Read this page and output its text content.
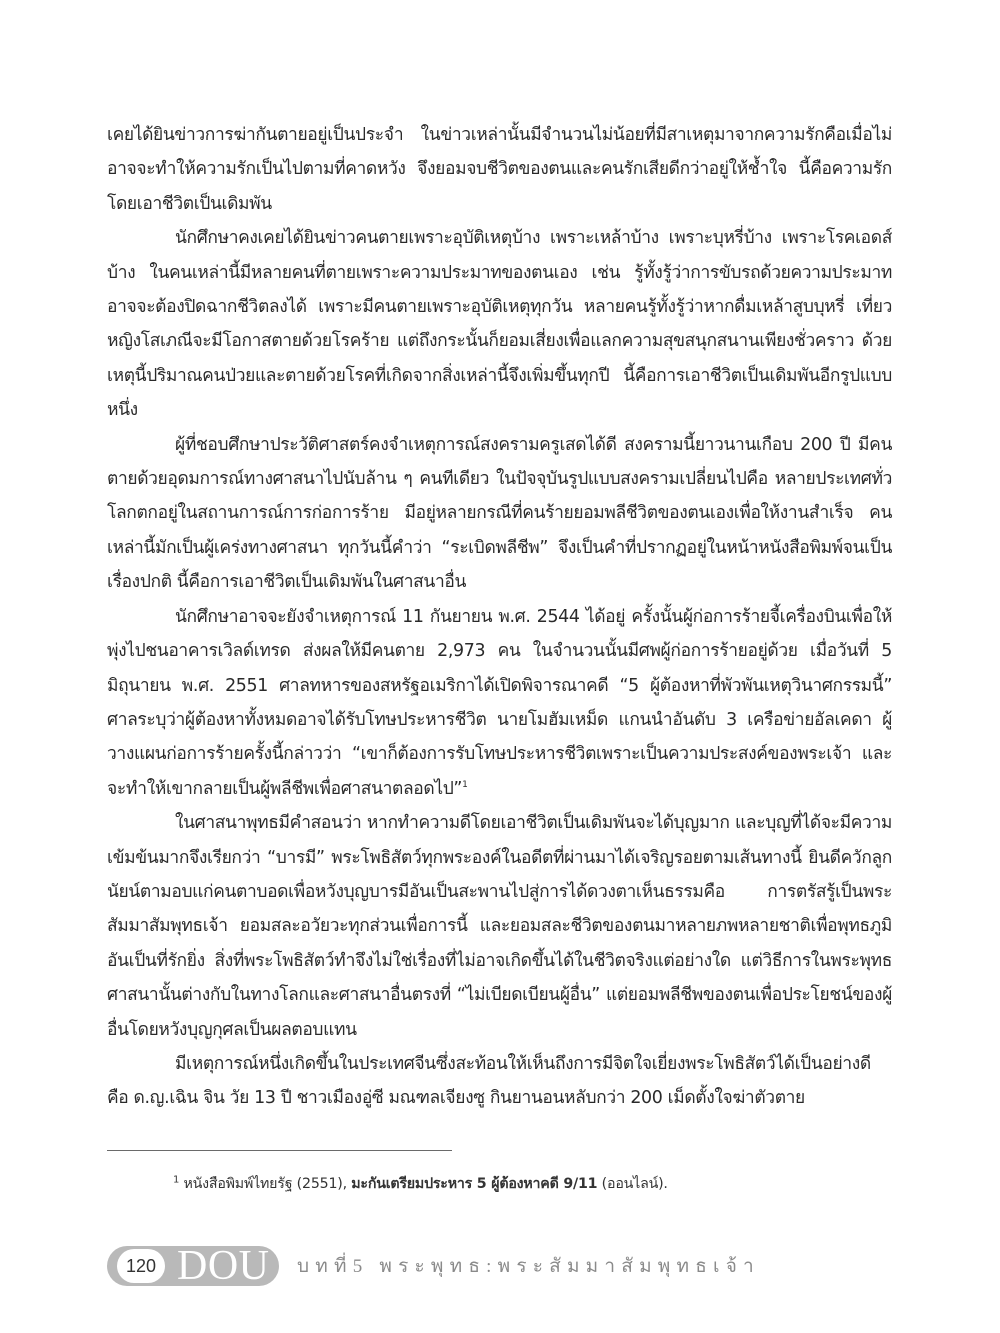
เคยได้ยินข่าวการฆ่ากันตายอยู่เป็นประจำ ในข่าวเหล่านั้นมีจำนวนไม่น้อยที่มีสาเหตุมาจากความรักคือเมื่อไม่อาจจะทำให้ความรักเป็นไปตามที่คาดหวัง จึงยอมจบชีวิตของตนและคนรักเสียดีกว่าอยู่ให้ช้ำใจ นี้คือความรักโดยเอาชีวิตเป็นเดิมพัน

นักศึกษาคงเคยได้ยินข่าวคนตายเพราะอุบัติเหตุบ้าง เพราะเหล้าบ้าง เพราะบุหรี่บ้าง เพราะโรคเอดส์บ้าง ในคนเหล่านี้มีหลายคนที่ตายเพราะความประมาทของตนเอง เช่น รู้ทั้งรู้ว่าการขับรถด้วยความประมาทอาจจะต้องปิดฉากชีวิตลงได้ เพราะมีคนตายเพราะอุบัติเหตุทุกวัน หลายคนรู้ทั้งรู้ว่าหากดื่มเหล้าสูบบุหรี่ เที่ยวหญิงโสเภณีจะมีโอกาสตายด้วยโรคร้าย แต่ถึงกระนั้นก็ยอมเสี่ยงเพื่อแลกความสุขสนุกสนานเพียงชั่วคราว ด้วยเหตุนี้ปริมาณคนป่วยและตายด้วยโรคที่เกิดจากสิ่งเหล่านี้จึงเพิ่มขึ้นทุกปี นี้คือการเอาชีวิตเป็นเดิมพันอีกรูปแบบหนึ่ง

ผู้ที่ชอบศึกษาประวัติศาสตร์คงจำเหตุการณ์สงครามครูเสดได้ดี สงครามนี้ยาวนานเกือบ 200 ปี มีคนตายด้วยอุดมการณ์ทางศาสนาไปนับล้าน ๆ คนทีเดียว ในปัจจุบันรูปแบบสงครามเปลี่ยนไปคือ หลายประเทศทั่วโลกตกอยู่ในสถานการณ์การก่อการร้าย มีอยู่หลายกรณีที่คนร้ายยอมพลีชีวิตของตนเองเพื่อให้งานสำเร็จ คนเหล่านี้มักเป็นผู้เคร่งทางศาสนา ทุกวันนี้คำว่า “ระเบิดพลีชีพ” จึงเป็นคำที่ปรากฏอยู่ในหน้าหนังสือพิมพ์จนเป็นเรื่องปกติ นี้คือการเอาชีวิตเป็นเดิมพันในศาสนาอื่น

นักศึกษาอาจจะยังจำเหตุการณ์ 11 กันยายน พ.ศ. 2544 ได้อยู่ ครั้งนั้นผู้ก่อการร้ายจี้เครื่องบินเพื่อให้พุ่งไปชนอาคารเวิลด์เทรด ส่งผลให้มีคนตาย 2,973 คน ในจำนวนนั้นมีศพผู้ก่อการร้ายอยู่ด้วย เมื่อวันที่ 5 มิถุนายน พ.ศ. 2551 ศาลทหารของสหรัฐอเมริกาได้เปิดพิจารณาคดี “5 ผู้ต้องหาที่พัวพันเหตุวินาศกรรมนี้” ศาลระบุว่าผู้ต้องหาทั้งหมดอาจได้รับโทษประหารชีวิต นายโมฮัมเหม็ด แกนนำอันดับ 3 เครือข่ายอัลเคดา ผู้วางแผนก่อการร้ายครั้งนี้กล่าวว่า “เขาก็ต้องการรับโทษประหารชีวิตเพราะเป็นความประสงค์ของพระเจ้า และจะทำให้เขากลายเป็นผู้พลีชีพเพื่อศาสนาตลอดไป”$^1$

ในศาสนาพุทธมีคำสอนว่า หากทำความดีโดยเอาชีวิตเป็นเดิมพันจะได้บุญมาก และบุญที่ได้จะมีความเข้มข้นมากจึงเรียกว่า “บารมี” พระโพธิสัตว์ทุกพระองค์ในอดีตที่ผ่านมาได้เจริญรอยตามเส้นทางนี้ ยินดีควักลูกนัยน์ตามอบแก่คนตาบอดเพื่อหวังบุญบารมีอันเป็นสะพานไปสู่การได้ดวงตาเห็นธรรมคือ การตรัสรู้เป็นพระสัมมาสัมพุทธเจ้า ยอมสละอวัยวะทุกส่วนเพื่อการนี้ และยอมสละชีวิตของตนมาหลายภพหลายชาติเพื่อพุทธภูมิอันเป็นที่รักยิ่ง สิ่งที่พระโพธิสัตว์ทำจึงไม่ใช่เรื่องที่ไม่อาจเกิดขึ้นได้ในชีวิตจริงแต่อย่างใด แต่วิธีการในพระพุทธศาสนานั้นต่างกับในทางโลกและศาสนาอื่นตรงที่ “ไม่เบียดเบียนผู้อื่น” แต่ยอมพลีชีพของตนเพื่อประโยชน์ของผู้อื่นโดยหวังบุญกุศลเป็นผลตอบแทน

มีเหตุการณ์หนึ่งเกิดขึ้นในประเทศจีนซึ่งสะท้อนให้เห็นถึงการมีจิตใจเยี่ยงพระโพธิสัตว์ได้เป็นอย่างดีคือ ด.ญ.เฉิน จิน วัย 13 ปี ชาวเมืองอู่ซี มณฑลเจียงซู กินยานอนหลับกว่า 200 เม็ดตั้งใจฆ่าตัวตาย

$^1$ หนังสือพิมพ์ไทยรัฐ (2551), มะกันเตรียมประหาร 5 ผู้ต้องหาคดี 9/11 (ออนไลน์).
120 DOU บทที่5 พระพุทธ:พระสัมมาสัมพุทธเจ้า
